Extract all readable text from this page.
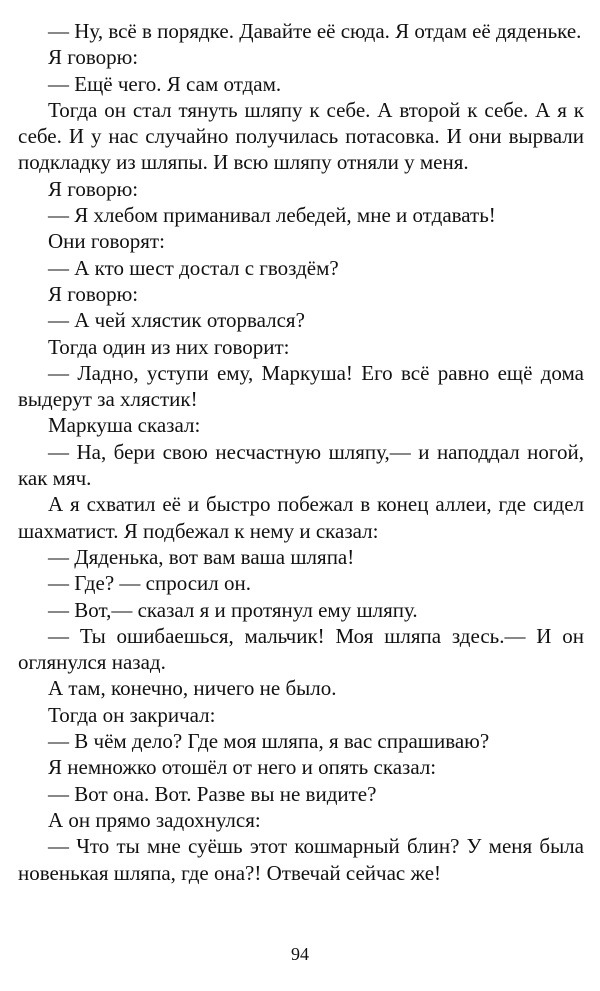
— Ну, всё в порядке. Давайте её сюда. Я отдам её дяденьке.

Я говорю:

— Ещё чего. Я сам отдам.

Тогда он стал тянуть шляпу к себе. А второй к себе. А я к себе. И у нас случайно получилась потасовка. И они вырвали подкладку из шляпы. И всю шляпу отняли у меня.

Я говорю:

— Я хлебом приманивал лебедей, мне и отдавать!

Они говорят:

— А кто шест достал с гвоздём?

Я говорю:

— А чей хлястик оторвался?

Тогда один из них говорит:

— Ладно, уступи ему, Маркуша! Его всё равно ещё дома выдерут за хлястик!

Маркуша сказал:

— На, бери свою несчастную шляпу,— и наподдал ногой, как мяч.

А я схватил её и быстро побежал в конец аллеи, где сидел шахматист. Я подбежал к нему и сказал:

— Дяденька, вот вам ваша шляпа!

— Где? — спросил он.

— Вот,— сказал я и протянул ему шляпу.

— Ты ошибаешься, мальчик! Моя шляпа здесь.— И он оглянулся назад.

А там, конечно, ничего не было.

Тогда он закричал:

— В чём дело? Где моя шляпа, я вас спрашиваю?

Я немножко отошёл от него и опять сказал:

— Вот она. Вот. Разве вы не видите?

А он прямо задохнулся:

— Что ты мне суёшь этот кошмарный блин? У меня была новенькая шляпа, где она?! Отвечай сейчас же!

94
